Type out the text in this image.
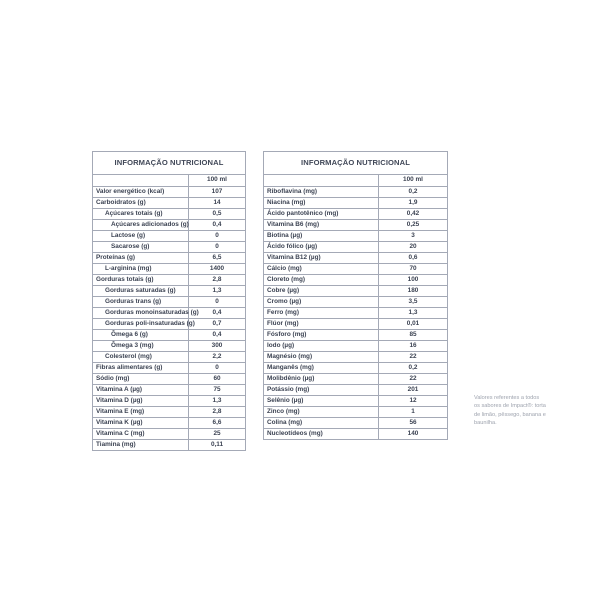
INFORMAÇÃO NUTRICIONAL	
	100 ml
Valor energético (kcal)	107
Carboidratos (g)	14
Açúcares totais (g)	0,5
Açúcares adicionados (g)	0,4
Lactose (g)	0
Sacarose (g)	0
Proteínas (g)	6,5
L-arginina (mg)	1400
Gorduras totais (g)	2,8
Gorduras saturadas (g)	1,3
Gorduras trans (g)	0
Gorduras monoinsaturadas (g)	0,4
Gorduras poli-insaturadas (g)	0,7
Ômega 6 (g)	0,4
Ômega 3 (mg)	300
Colesterol (mg)	2,2
Fibras alimentares (g)	0
Sódio (mg)	60
Vitamina A (µg)	75
Vitamina D (µg)	1,3
Vitamina E (mg)	2,8
Vitamina K (µg)	6,6
Vitamina C (mg)	25
Tiamina (mg)	0,11
INFORMAÇÃO NUTRICIONAL	
	100 ml
Riboflavina (mg)	0,2
Niacina (mg)	1,9
Ácido pantotênico (mg)	0,42
Vitamina B6 (mg)	0,25
Biotina (µg)	3
Ácido fólico (µg)	20
Vitamina B12 (µg)	0,6
Cálcio (mg)	70
Cloreto (mg)	100
Cobre (µg)	180
Cromo (µg)	3,5
Ferro (mg)	1,3
Flúor (mg)	0,01
Fósforo (mg)	85
Iodo (µg)	16
Magnésio (mg)	22
Manganês (mg)	0,2
Molibdênio (µg)	22
Potássio (mg)	201
Selênio (µg)	12
Zinco (mg)	1
Colina (mg)	56
Nucleotídeos (mg)	140
Valores referentes a todos os sabores de Impact®: torta de limão, pêssego, banana e baunilha.
